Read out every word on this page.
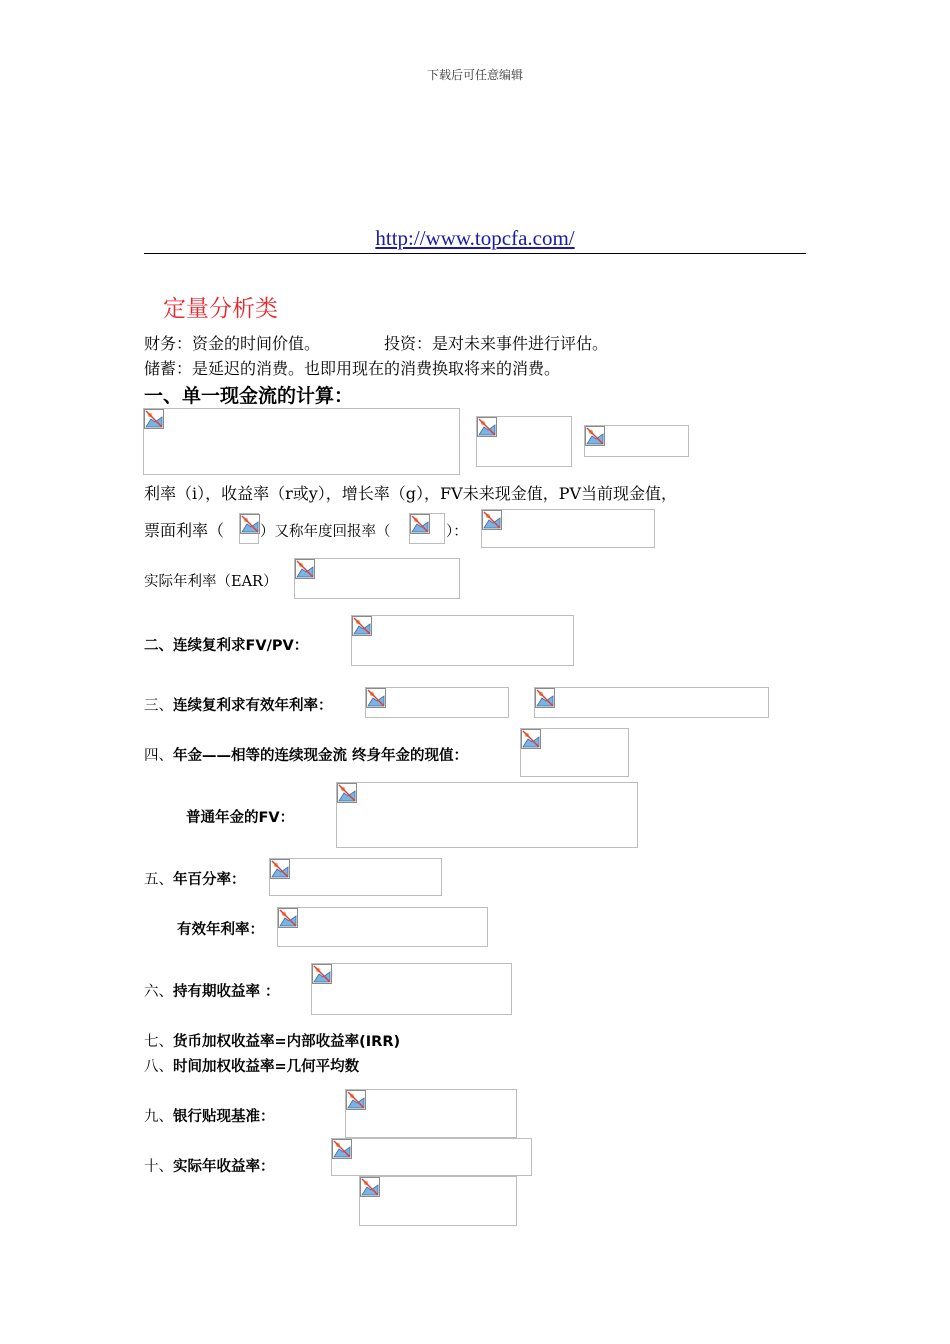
下载后可任意编辑
http://www.topcfa.com/
定量分析类
财务：资金的时间价值。	投资：是对未来事件进行评估。
储蓄：是延迟的消费。也即用现在的消费换取将来的消费。
一、单一现金流的计算：
利率（i），收益率（r或y），增长率（g），FV未来现金值，PV当前现金值，
票面利率（ ）又称年度回报率（	）：
实际年利率（EAR）
二、连续复利求FV/PV：
三、连续复利求有效年利率：
四、年金——相等的连续现金流 终身年金的现值：
普通年金的FV：
五、年百分率：
有效年利率：
六、持有期收益率 ：
七、货币加权收益率=内部收益率(IRR)
八、时间加权收益率=几何平均数
九、银行贴现基准：
十、实际年收益率：
